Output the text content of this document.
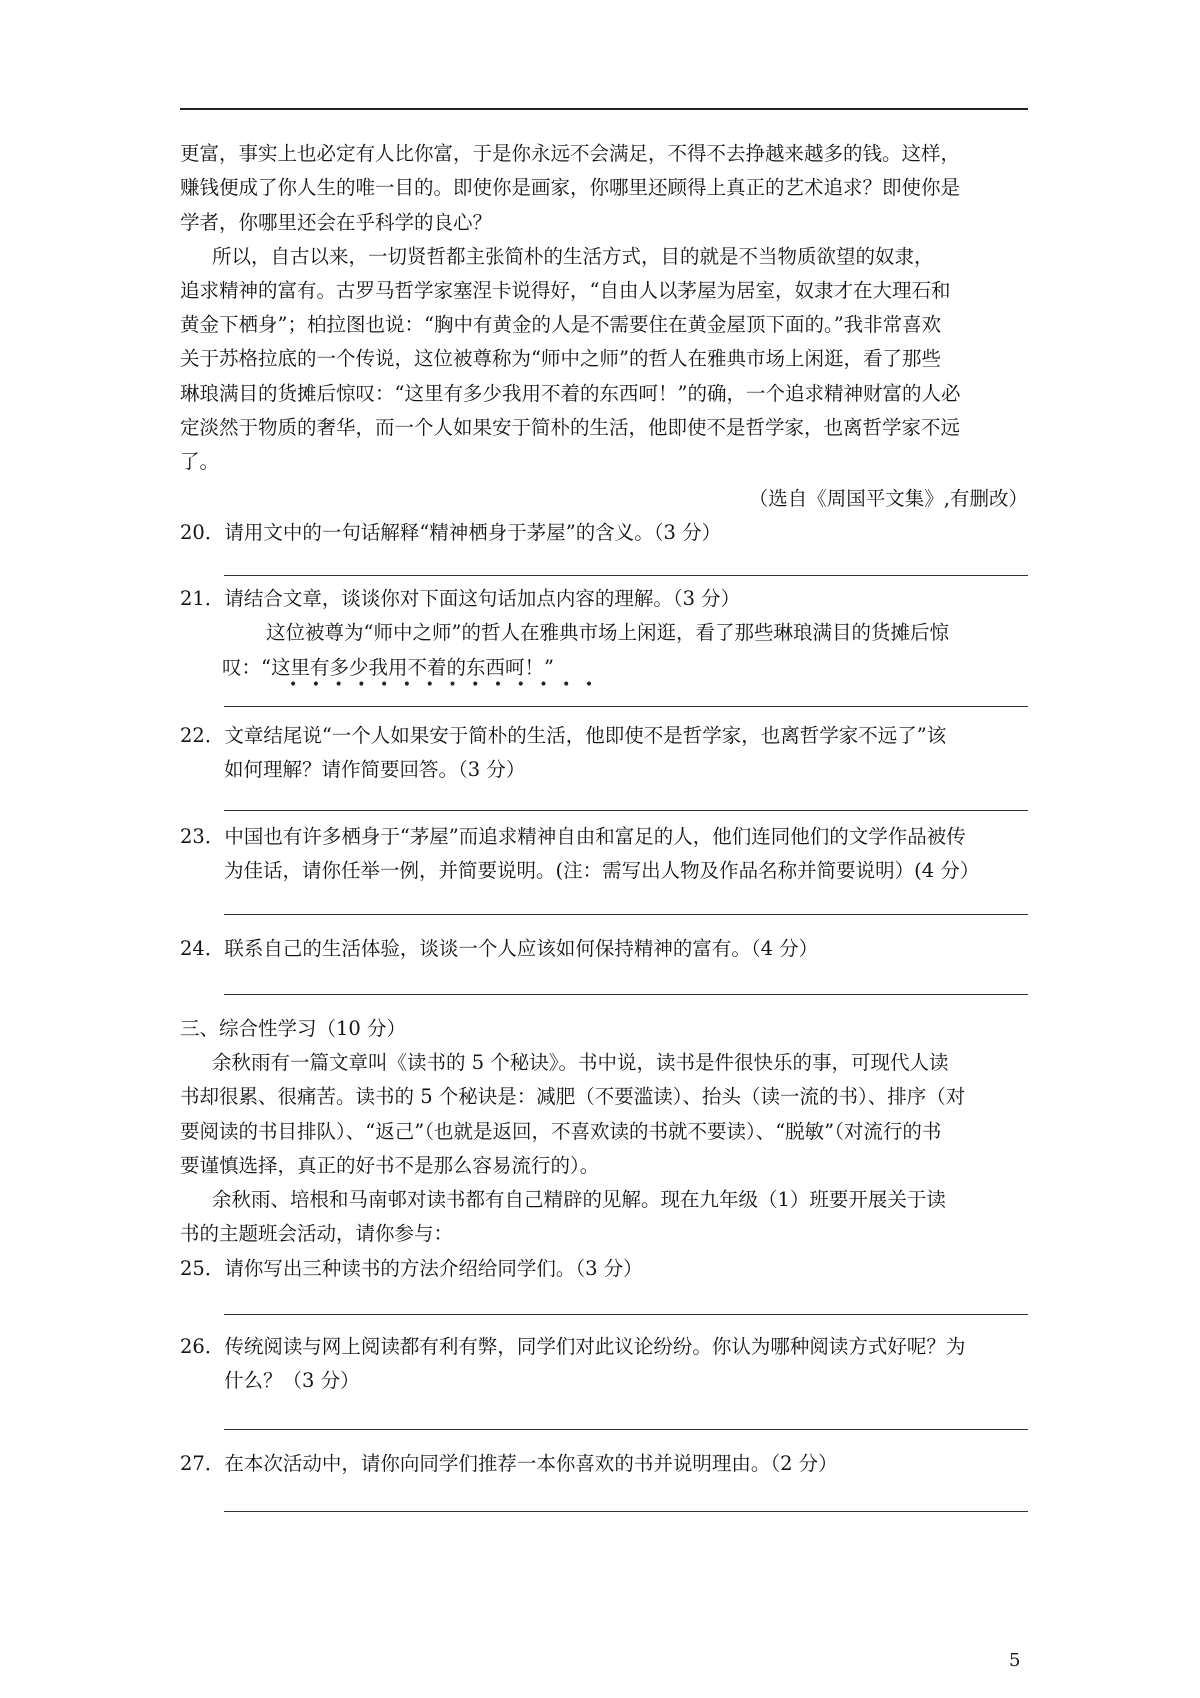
更富，事实上也必定有人比你富，于是你永远不会满足，不得不去挣越来越多的钱。这样，
赚钱便成了你人生的唯一目的。即使你是画家，你哪里还顾得上真正的艺术追求？即使你是
学者，你哪里还会在乎科学的良心？
所以，自古以来，一切贤哲都主张简朴的生活方式，目的就是不当物质欲望的奴隶，
追求精神的富有。古罗马哲学家塞涅卡说得好，“自由人以茅屋为居室，奴隶才在大理石和
黄金下栖身”；柏拉图也说：“胸中有黄金的人是不需要住在黄金屋顶下面的。”我非常喜欢
关于苏格拉底的一个传说，这位被尊称为“师中之师”的哲人在雅典市场上闲逛，看了那些
琳琅满目的货摊后惊叹：“这里有多少我用不着的东西呵！”的确，一个追求精神财富的人必
定淡然于物质的奢华，而一个人如果安于简朴的生活，他即使不是哲学家，也离哲学家不远
了。
（选自《周国平文集》,有删改）
20．请用文中的一句话解释“精神栖身于茅屋”的含义。（3 分）
21．请结合文章，谈谈你对下面这句话加点内容的理解。（3 分）
这位被尊为“师中之师”的哲人在雅典市场上闲逛，看了那些琳琅满目的货摊后惊
叹：“这里有多少我用不着的东西呵！”
••••••••••••••
22．文章结尾说“一个人如果安于简朴的生活，他即使不是哲学家，也离哲学家不远了”该
如何理解？请作简要回答。（3 分）
23．中国也有许多栖身于“茅屋”而追求精神自由和富足的人，他们连同他们的文学作品被传
为佳话，请你任举一例，并简要说明。(注：需写出人物及作品名称并简要说明）(4 分）
24．联系自己的生活体验，谈谈一个人应该如何保持精神的富有。（4 分）
三、综合性学习（10 分）
余秋雨有一篇文章叫《读书的 5 个秘诀》。书中说，读书是件很快乐的事，可现代人读
书却很累、很痛苦。读书的 5 个秘诀是：减肥（不要滥读）、抬头（读一流的书）、排序（对
要阅读的书目排队）、“返己”（也就是返回，不喜欢读的书就不要读）、“脱敏”（对流行的书
要谨慎选择，真正的好书不是那么容易流行的）。
余秋雨、培根和马南邨对读书都有自己精辟的见解。现在九年级（1）班要开展关于读
书的主题班会活动，请你参与：
25．请你写出三种读书的方法介绍给同学们。（3 分）
26．传统阅读与网上阅读都有利有弊，同学们对此议论纷纷。你认为哪种阅读方式好呢？为
什么？（3 分）
27．在本次活动中，请你向同学们推荐一本你喜欢的书并说明理由。（2 分）
5
